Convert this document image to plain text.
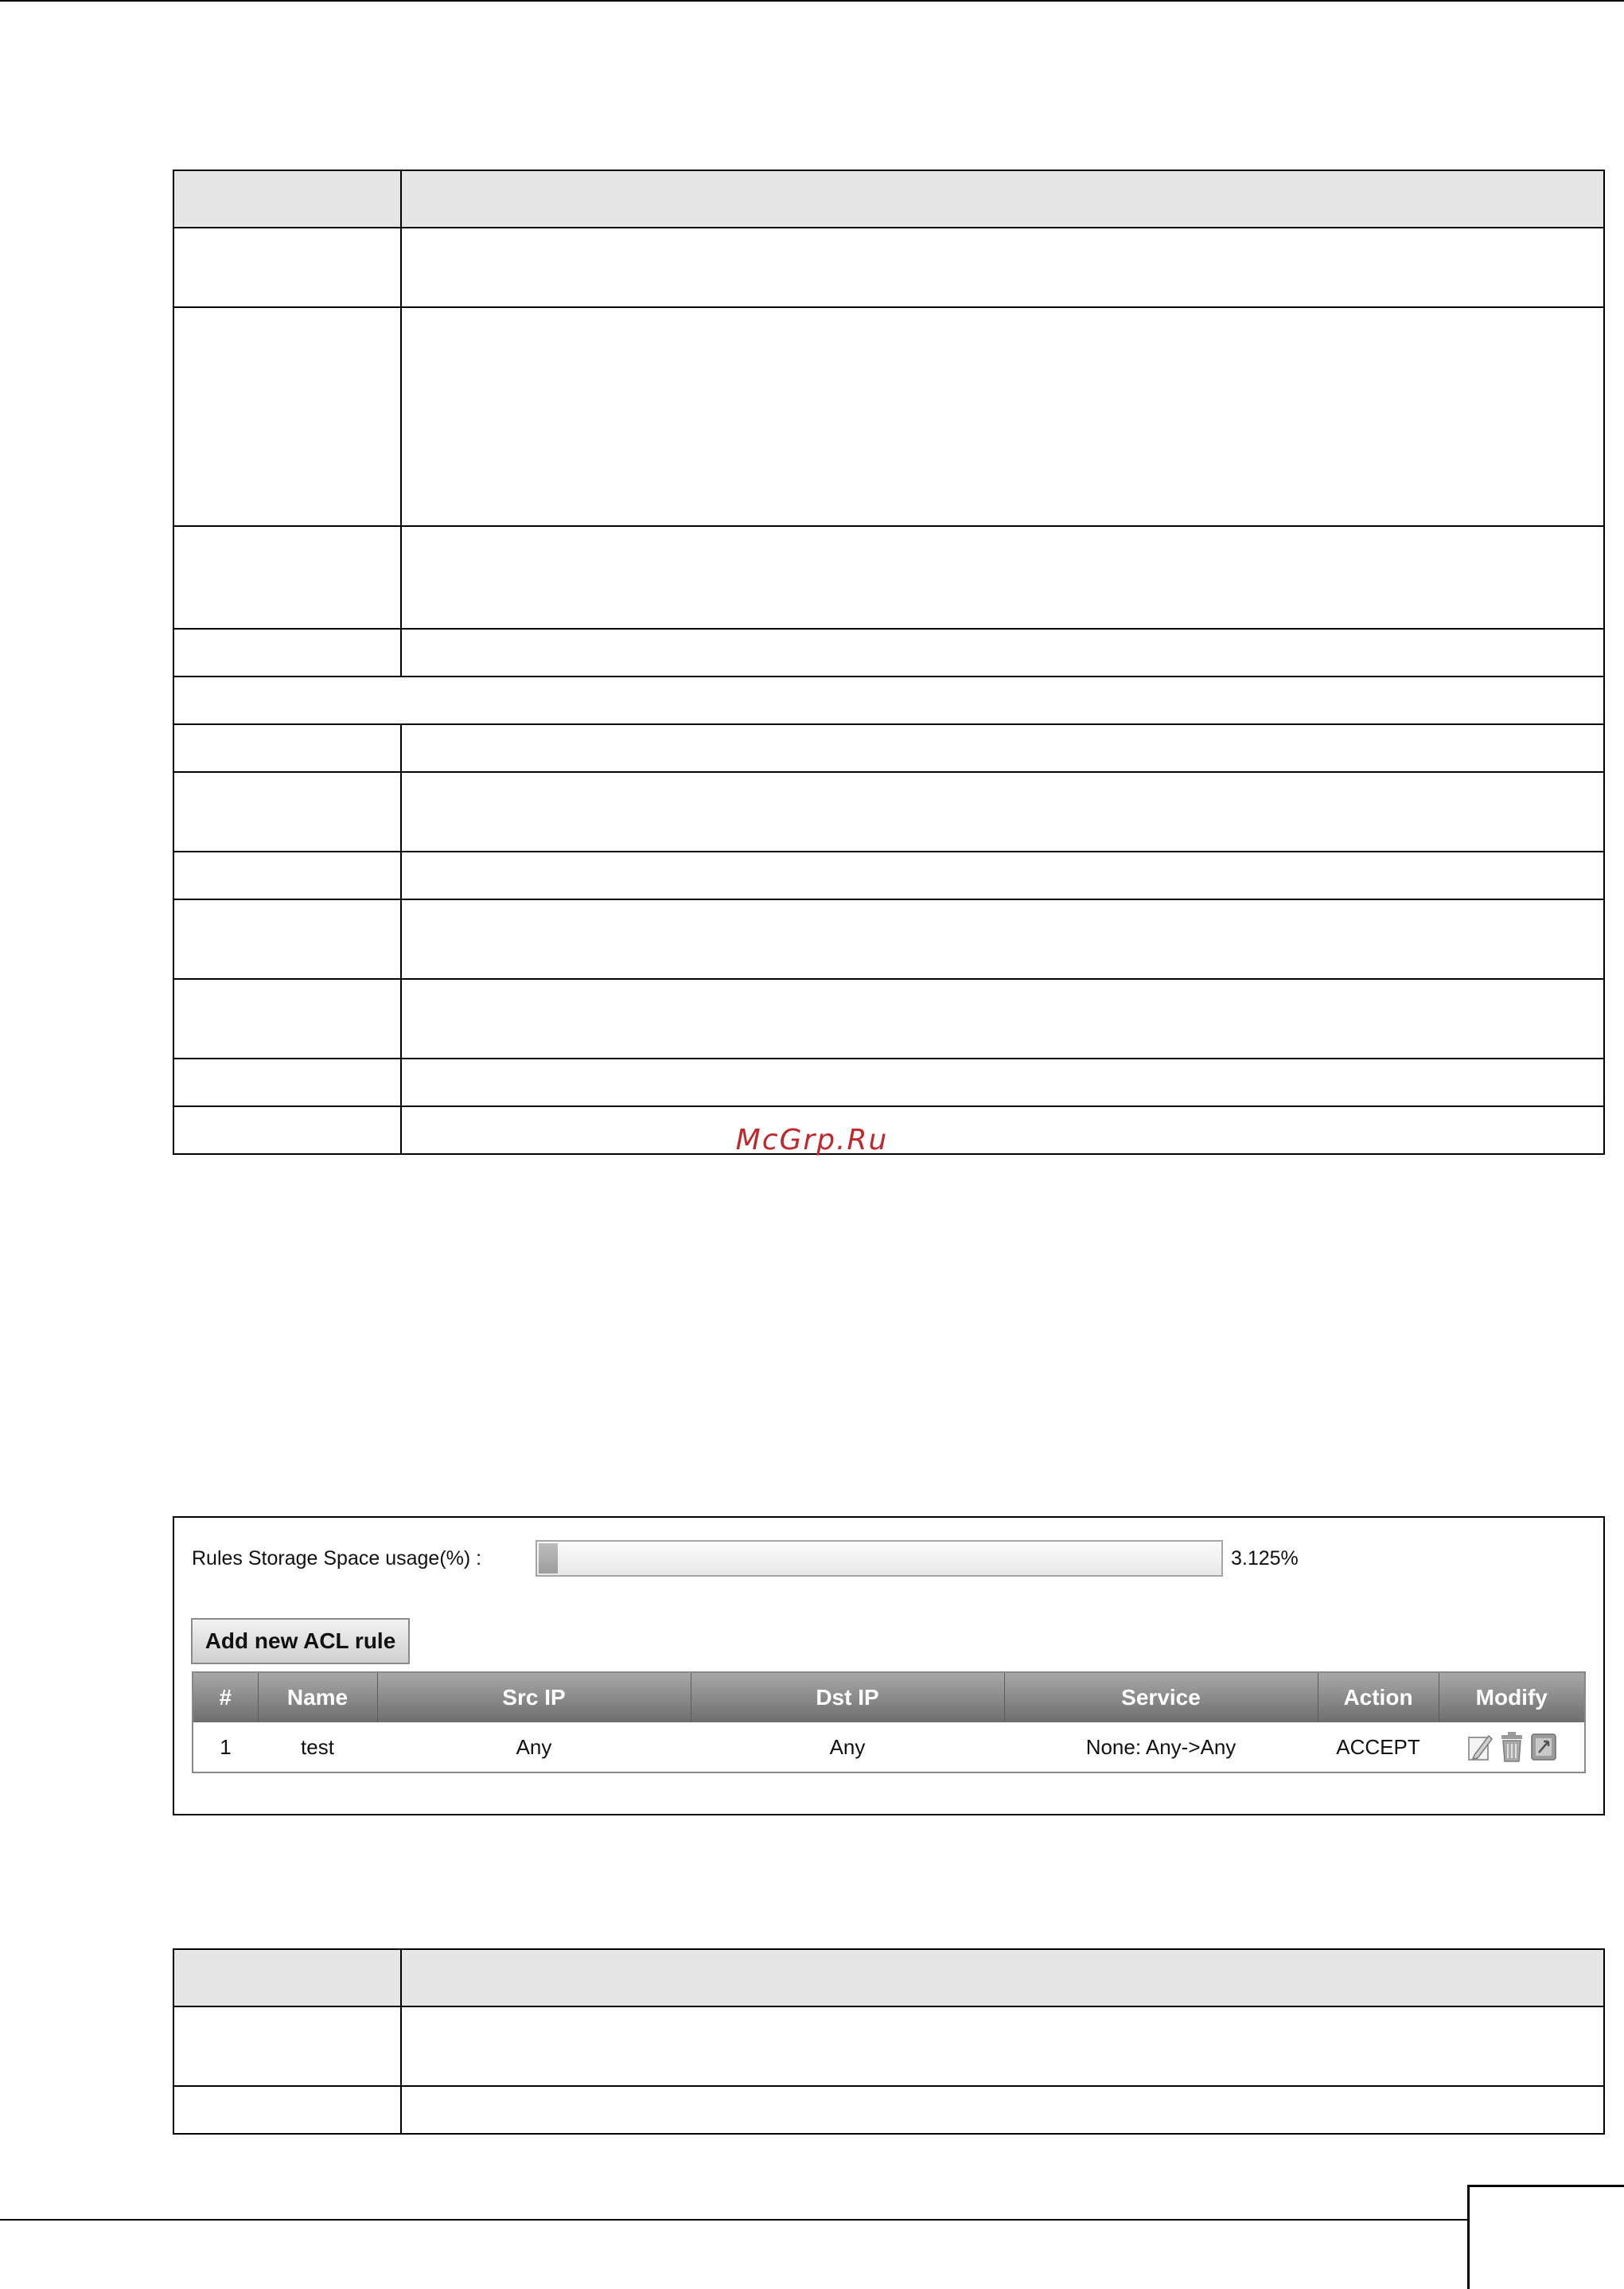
McGrp.Ru
Rules Storage Space usage(%) :	3.125%
Add new ACL rule
#	Name	Src IP	Dst IP	Service	Action	Modify
1	test	Any	Any	None: Any->Any	ACCEPT	
